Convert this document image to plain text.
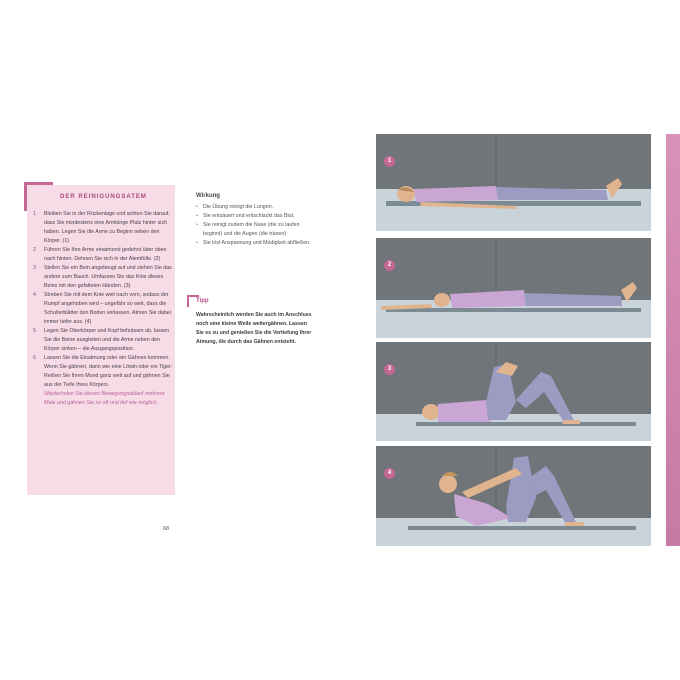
DER REINIGUNGSATEM
1	Bleiben Sie in der Rückenlage und achten Sie darauf, dass Sie mindestens eine Armlänge Platz hinter sich haben. Legen Sie die Arme zu Beginn neben den Körper. (1)
2	Führen Sie Ihre Arme einatmend gedehnt über oben nach hinten. Dehnen Sie sich in der Atemfülle. (2)
3	Stellen Sie ein Bein angebeugt auf und ziehen Sie das andere zum Bauch. Umfassen Sie das Knie dieses Beins mit den gefalteten Händen. (3)
4	Streben Sie mit dem Knie weit nach vorn, sodass der Rumpf angehoben wird – ungefähr so weit, dass die Schulterblätter den Boden verlassen. Atmen Sie dabei immer tiefer aus. (4)
5	Legen Sie Oberkörper und Kopf behutsam ab, lassen Sie die Beine ausgleiten und die Arme neben den Körper sinken – die Ausgangsposition.
6	Lassen Sie die Einatmung oder ein Gähnen kommen. Wenn Sie gähnen, dann wie eine Löwin oder ein Tiger: Reißen Sie Ihren Mund ganz weit auf und gähnen Sie aus der Tiefe Ihres Körpers.
Wiederholen Sie diesen Bewegungsablauf mehrere Male und gähnen Sie so oft und tief wie möglich.
68
Wirkung
• Die Übung reinigt die Lungen.
• Sie entsäuert und entschlackt das Blut.
• Sie reinigt zudem die Nase (die zu laufen beginnt) und die Augen (die tränen)
• Sie löst Anspannung und Müdigkeit abfließen.
Tipp
Wahrscheinlich werden Sie auch im Anschluss noch eine kleine Weile weitergähnen. Lassen Sie es zu und genießen Sie die Vertiefung Ihrer Atmung, die durch das Gähnen entsteht.
1
2
3
4
